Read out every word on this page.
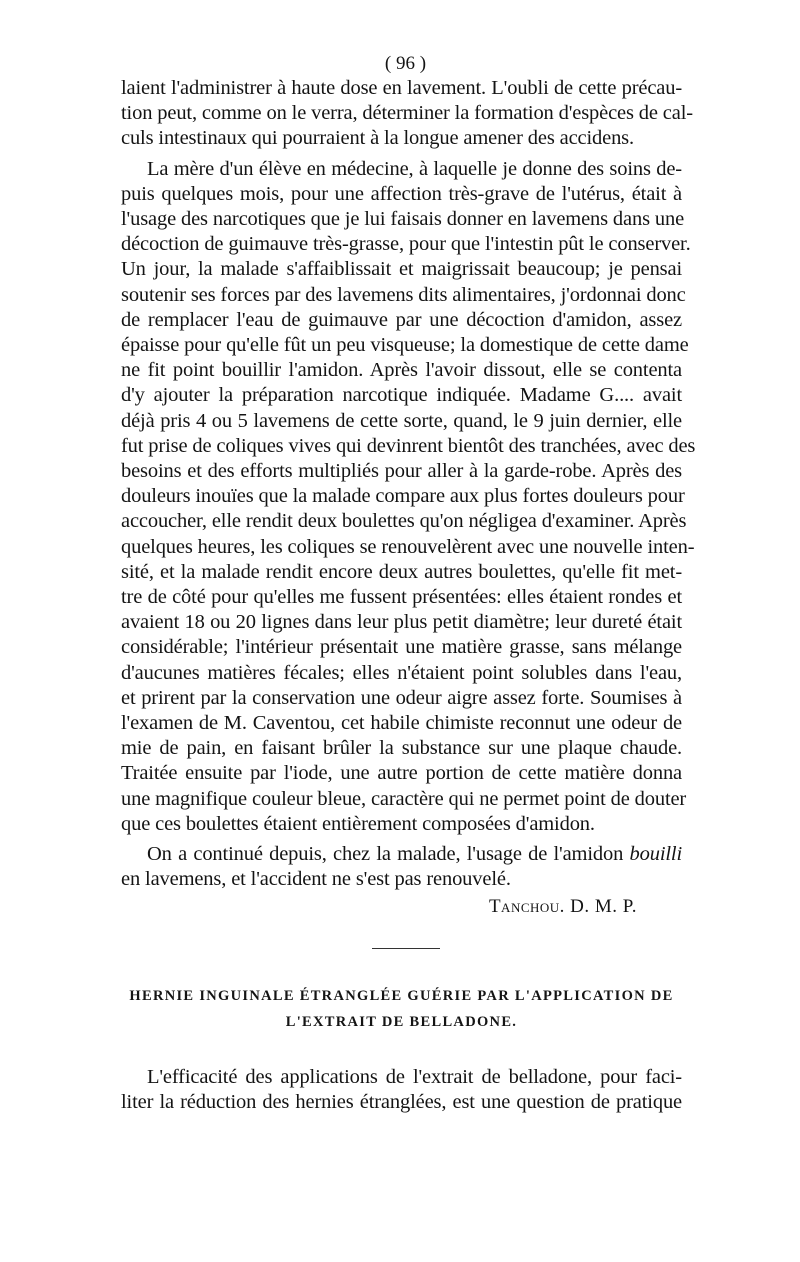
( 96 )
laient l'administrer à haute dose en lavement. L'oubli de cette précau-
tion peut, comme on le verra, déterminer la formation d'espèces de cal-
culs intestinaux qui pourraient à la longue amener des accidens.
La mère d'un élève en médecine, à laquelle je donne des soins de-
puis quelques mois, pour une affection très-grave de l'utérus, était à
l'usage des narcotiques que je lui faisais donner en lavemens dans une
décoction de guimauve très-grasse, pour que l'intestin pût le conserver.
Un jour, la malade s'affaiblissait et maigrissait beaucoup; je pensai
soutenir ses forces par des lavemens dits alimentaires, j'ordonnai donc
de remplacer l'eau de guimauve par une décoction d'amidon, assez
épaisse pour qu'elle fût un peu visqueuse; la domestique de cette dame
ne fit point bouillir l'amidon. Après l'avoir dissout, elle se contenta
d'y ajouter la préparation narcotique indiquée. Madame G.... avait
déjà pris 4 ou 5 lavemens de cette sorte, quand, le 9 juin dernier, elle
fut prise de coliques vives qui devinrent bientôt des tranchées, avec des
besoins et des efforts multipliés pour aller à la garde-robe. Après des
douleurs inouïes que la malade compare aux plus fortes douleurs pour
accoucher, elle rendit deux boulettes qu'on négligea d'examiner. Après
quelques heures, les coliques se renouvelèrent avec une nouvelle inten-
sité, et la malade rendit encore deux autres boulettes, qu'elle fit met-
tre de côté pour qu'elles me fussent présentées: elles étaient rondes et
avaient 18 ou 20 lignes dans leur plus petit diamètre; leur dureté était
considérable; l'intérieur présentait une matière grasse, sans mélange
d'aucunes matières fécales; elles n'étaient point solubles dans l'eau,
et prirent par la conservation une odeur aigre assez forte. Soumises à
l'examen de M. Caventou, cet habile chimiste reconnut une odeur de
mie de pain, en faisant brûler la substance sur une plaque chaude.
Traitée ensuite par l'iode, une autre portion de cette matière donna
une magnifique couleur bleue, caractère qui ne permet point de douter
que ces boulettes étaient entièrement composées d'amidon.
On a continué depuis, chez la malade, l'usage de l'amidon bouilli
en lavemens, et l'accident ne s'est pas renouvelé.
Tanchou. D. M. P.
HERNIE INGUINALE ÉTRANGLÉE GUÉRIE PAR L'APPLICATION DE
L'EXTRAIT DE BELLADONE.
L'efficacité des applications de l'extrait de belladone, pour faci-
liter la réduction des hernies étranglées, est une question de pratique
